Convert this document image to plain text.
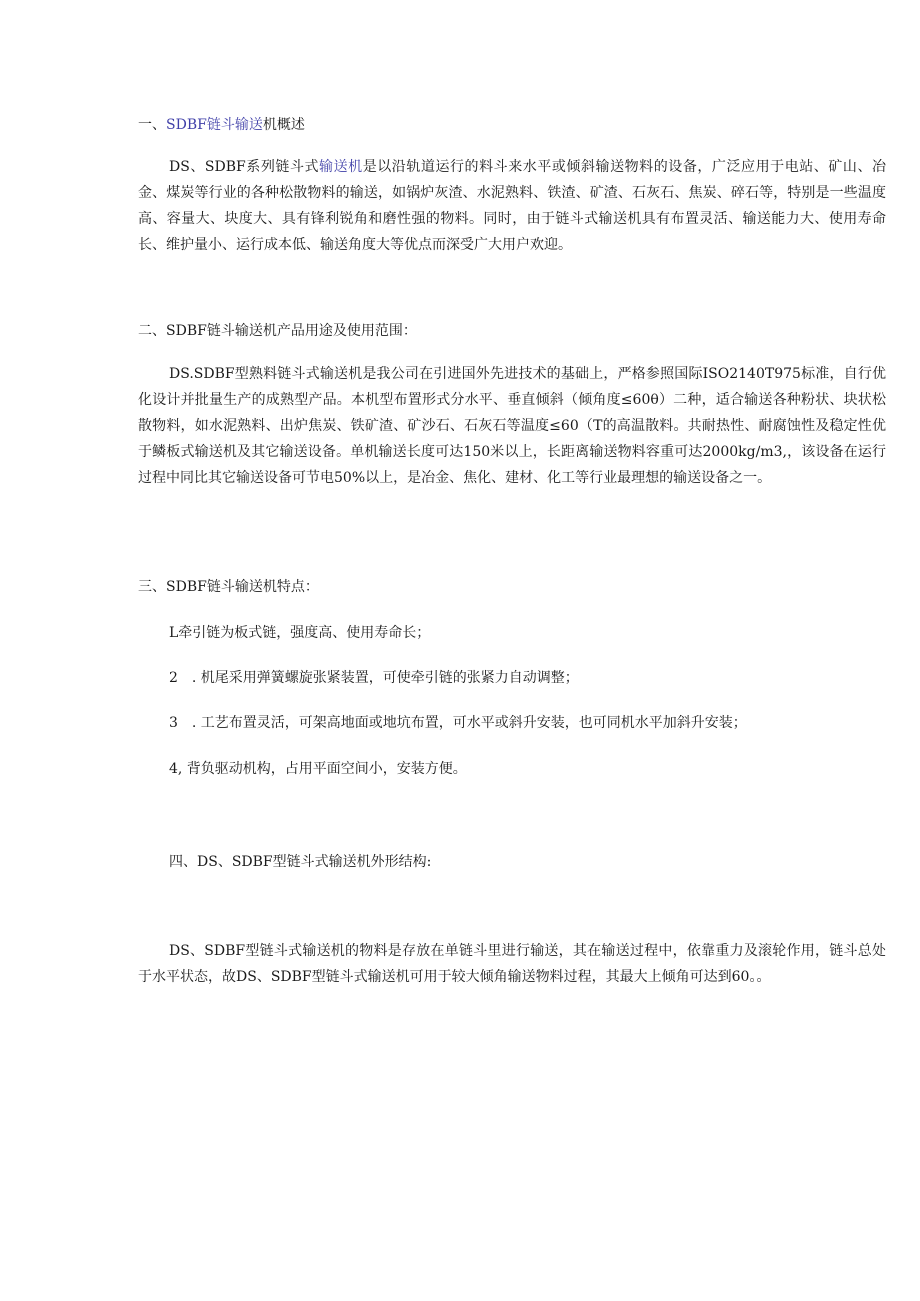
一、SDBF链斗输送机概述

DS、SDBF系列链斗式输送机是以沿轨道运行的料斗来水平或倾斜输送物料的设备，广泛应用于电站、矿山、冶金、煤炭等行业的各种松散物料的输送，如锅炉灰渣、水泥熟料、铁渣、矿渣、石灰石、焦炭、碎石等，特别是一些温度高、容量大、块度大、具有锋利锐角和磨性强的物料。同时，由于链斗式输送机具有布置灵活、输送能力大、使用寿命长、维护量小、运行成本低、输送角度大等优点而深受广大用户欢迎。

二、SDBF链斗输送机产品用途及使用范围：

DS.SDBF型熟料链斗式输送机是我公司在引进国外先进技术的基础上，严格参照国际ISO2140T975标准，自行优化设计并批量生产的成熟型产品。本机型布置形式分水平、垂直倾斜（倾角度≤60θ）二种，适合输送各种粉状、块状松散物料，如水泥熟料、出炉焦炭、铁矿渣、矿沙石、石灰石等温度≤60（T的高温散料。共耐热性、耐腐蚀性及稳定性优于鳞板式输送机及其它输送设备。单机输送长度可达150米以上，长距离输送物料容重可达2000kg∕m3,，该设备在运行过程中同比其它输送设备可节电50%以上，是冶金、焦化、建材、化工等行业最理想的输送设备之一。

三、SDBF链斗输送机特点：

L牵引链为板式链，强度高、使用寿命长；

2　. 机尾采用弹簧螺旋张紧装置，可使牵引链的张紧力自动调整；

3　. 工艺布置灵活，可架高地面或地坑布置，可水平或斜升安装，也可同机水平加斜升安装；

4, 背负驱动机构，占用平面空间小，安装方便。

四、DS、SDBF型链斗式输送机外形结构:

DS、SDBF型链斗式输送机的物料是存放在单链斗里进行输送，其在输送过程中，依靠重力及滚轮作用，链斗总处于水平状态，故DS、SDBF型链斗式输送机可用于较大倾角输送物料过程，其最大上倾角可达到60。。
